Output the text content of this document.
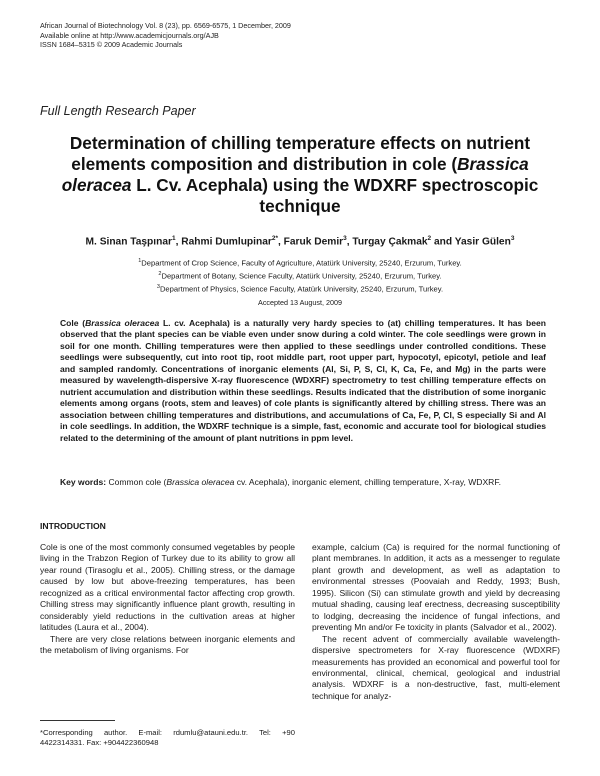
African Journal of Biotechnology Vol. 8 (23), pp. 6569-6575, 1 December, 2009
Available online at http://www.academicjournals.org/AJB
ISSN 1684–5315 © 2009 Academic Journals
Full Length Research Paper
Determination of chilling temperature effects on nutrient elements composition and distribution in cole (Brassica oleracea L. Cv. Acephala) using the WDXRF spectroscopic technique
M. Sinan Taşpınar$^1$, Rahmi Dumlupinar$^{2*}$, Faruk Demir$^3$, Turgay Çakmak$^2$ and Yasir Gülen$^3$
$^1$Department of Crop Science, Faculty of Agriculture, Atatürk University, 25240, Erzurum, Turkey.
$^2$Department of Botany, Science Faculty, Atatürk University, 25240, Erzurum, Turkey.
$^3$Department of Physics, Science Faculty, Atatürk University, 25240, Erzurum, Turkey.
Accepted 13 August, 2009
Cole (Brassica oleracea L. cv. Acephala) is a naturally very hardy species to (at) chilling temperatures. It has been observed that the plant species can be viable even under snow during a cold winter. The cole seedlings were grown in soil for one month. Chilling temperatures were then applied to these seedlings under controlled conditions. These seedlings were subsequently, cut into root tip, root middle part, root upper part, hypocotyl, epicotyl, petiole and leaf and sampled randomly. Concentrations of inorganic elements (Al, Si, P, S, Cl, K, Ca, Fe, and Mg) in the parts were measured by wavelength-dispersive X-ray fluorescence (WDXRF) spectrometry to test chilling temperature effects on nutrient accumulation and distribution within these seedlings. Results indicated that the distribution of some inorganic elements among organs (roots, stem and leaves) of cole plants is significantly altered by chilling stress. There was an association between chilling temperatures and distributions, and accumulations of Ca, Fe, P, Cl, S especially Si and Al in cole seedlings. In addition, the WDXRF technique is a simple, fast, economic and accurate tool for biological studies related to the determining of the amount of plant nutritions in ppm level.
Key words: Common cole (Brassica oleracea cv. Acephala), inorganic element, chilling temperature, X-ray, WDXRF.
INTRODUCTION

Cole is one of the most commonly consumed vegetables by people living in the Trabzon Region of Turkey due to its ability to grow all year round (Tirasoglu et al., 2005). Chilling stress, or the damage caused by low but above-freezing temperatures, has been recognized as a critical environmental factor affecting crop growth. Chilling stress may significantly influence plant growth, resulting in considerably yield reductions in the cultivation areas at higher latitudes (Laura et al., 2004).

There are very close relations between inorganic elements and the metabolism of living organisms. For

example, calcium (Ca) is required for the normal functioning of plant membranes. In addition, it acts as a messenger to regulate plant growth and development, as well as adaptation to environmental stresses (Poovaiah and Reddy, 1993; Bush, 1995). Silicon (Si) can stimulate growth and yield by decreasing mutual shading, causing leaf erectness, decreasing susceptibility to lodging, decreasing the incidence of fungal infections, and preventing Mn and/or Fe toxicity in plants (Salvador et al., 2002).

The recent advent of commercially available wavelength-dispersive spectrometers for X-ray fluorescence (WDXRF) measurements has provided an economical and powerful tool for environmental, clinical, chemical, geological and industrial analysis. WDXRF is a non-destructive, fast, multi-element technique for analyz-

*Corresponding author. E-mail: rdumlu@atauni.edu.tr. Tel: +90 4422314331. Fax: +904422360948
